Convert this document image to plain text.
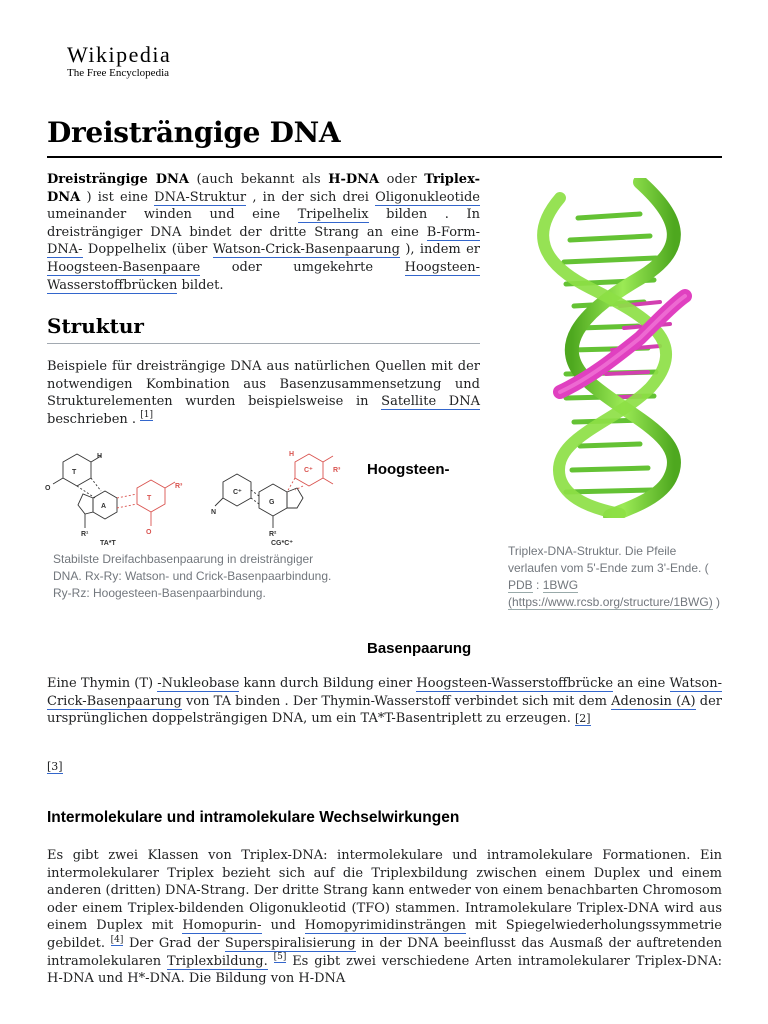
Wikipedia
The Free Encyclopedia
Dreisträngige DNA

Dreisträngige DNA (auch bekannt als H-DNA oder Triplex-DNA ) ist eine DNA-Struktur , in der sich drei Oligonukleotide umeinander winden und eine Tripelhelix bilden . In dreisträngiger DNA bindet der dritte Strang an eine B-Form-DNA- Doppelhelix (über Watson-Crick-Basenpaarung ), indem er Hoogsteen-Basenpaare oder umgekehrte Hoogsteen-Wasserstoffbrücken bildet.

Struktur

Beispiele für dreisträngige DNA aus natürlichen Quellen mit der notwendigen Kombination aus Basenzusammensetzung und Strukturelementen wurden beispielsweise in Satellite DNA beschrieben . [1]

T
A
T
O
H
R¹
R³
O
C⁺
G
C⁺
H
R³
R²
N
TA*T	CG*C⁺
Stabilste Dreifachbasenpaarung in dreisträngiger DNA. Rx-Ry: Watson- und Crick-Basenpaarbindung. Ry-Rz: Hoogesteen-Basenpaarbindung.
Hoogsteen-
Basenpaarung
Triplex-DNA-Struktur. Die Pfeile verlaufen vom 5'-Ende zum 3'-Ende. ( PDB : 1BWG (https://www.rcsb.org/structure/1BWG) )

Eine Thymin (T) -Nukleobase kann durch Bildung einer Hoogsteen-Wasserstoffbrücke an eine Watson-Crick-Basenpaarung von TA binden . Der Thymin-Wasserstoff verbindet sich mit dem Adenosin (A) der ursprünglichen doppelsträngigen DNA, um ein TA*T-Basentriplett zu erzeugen. [2]

[3]
Intermolekulare und intramolekulare Wechselwirkungen

Es gibt zwei Klassen von Triplex-DNA: intermolekulare und intramolekulare Formationen. Ein intermolekularer Triplex bezieht sich auf die Triplexbildung zwischen einem Duplex und einem anderen (dritten) DNA-Strang. Der dritte Strang kann entweder von einem benachbarten Chromosom oder einem Triplex-bildenden Oligonukleotid (TFO) stammen. Intramolekulare Triplex-DNA wird aus einem Duplex mit Homopurin- und Homopyrimidinsträngen mit Spiegelwiederholungssymmetrie gebildet. [4] Der Grad der Superspiralisierung in der DNA beeinflusst das Ausmaß der auftretenden intramolekularen Triplexbildung. [5] Es gibt zwei verschiedene Arten intramolekularer Triplex-DNA: H-DNA und H*-DNA. Die Bildung von H-DNA
